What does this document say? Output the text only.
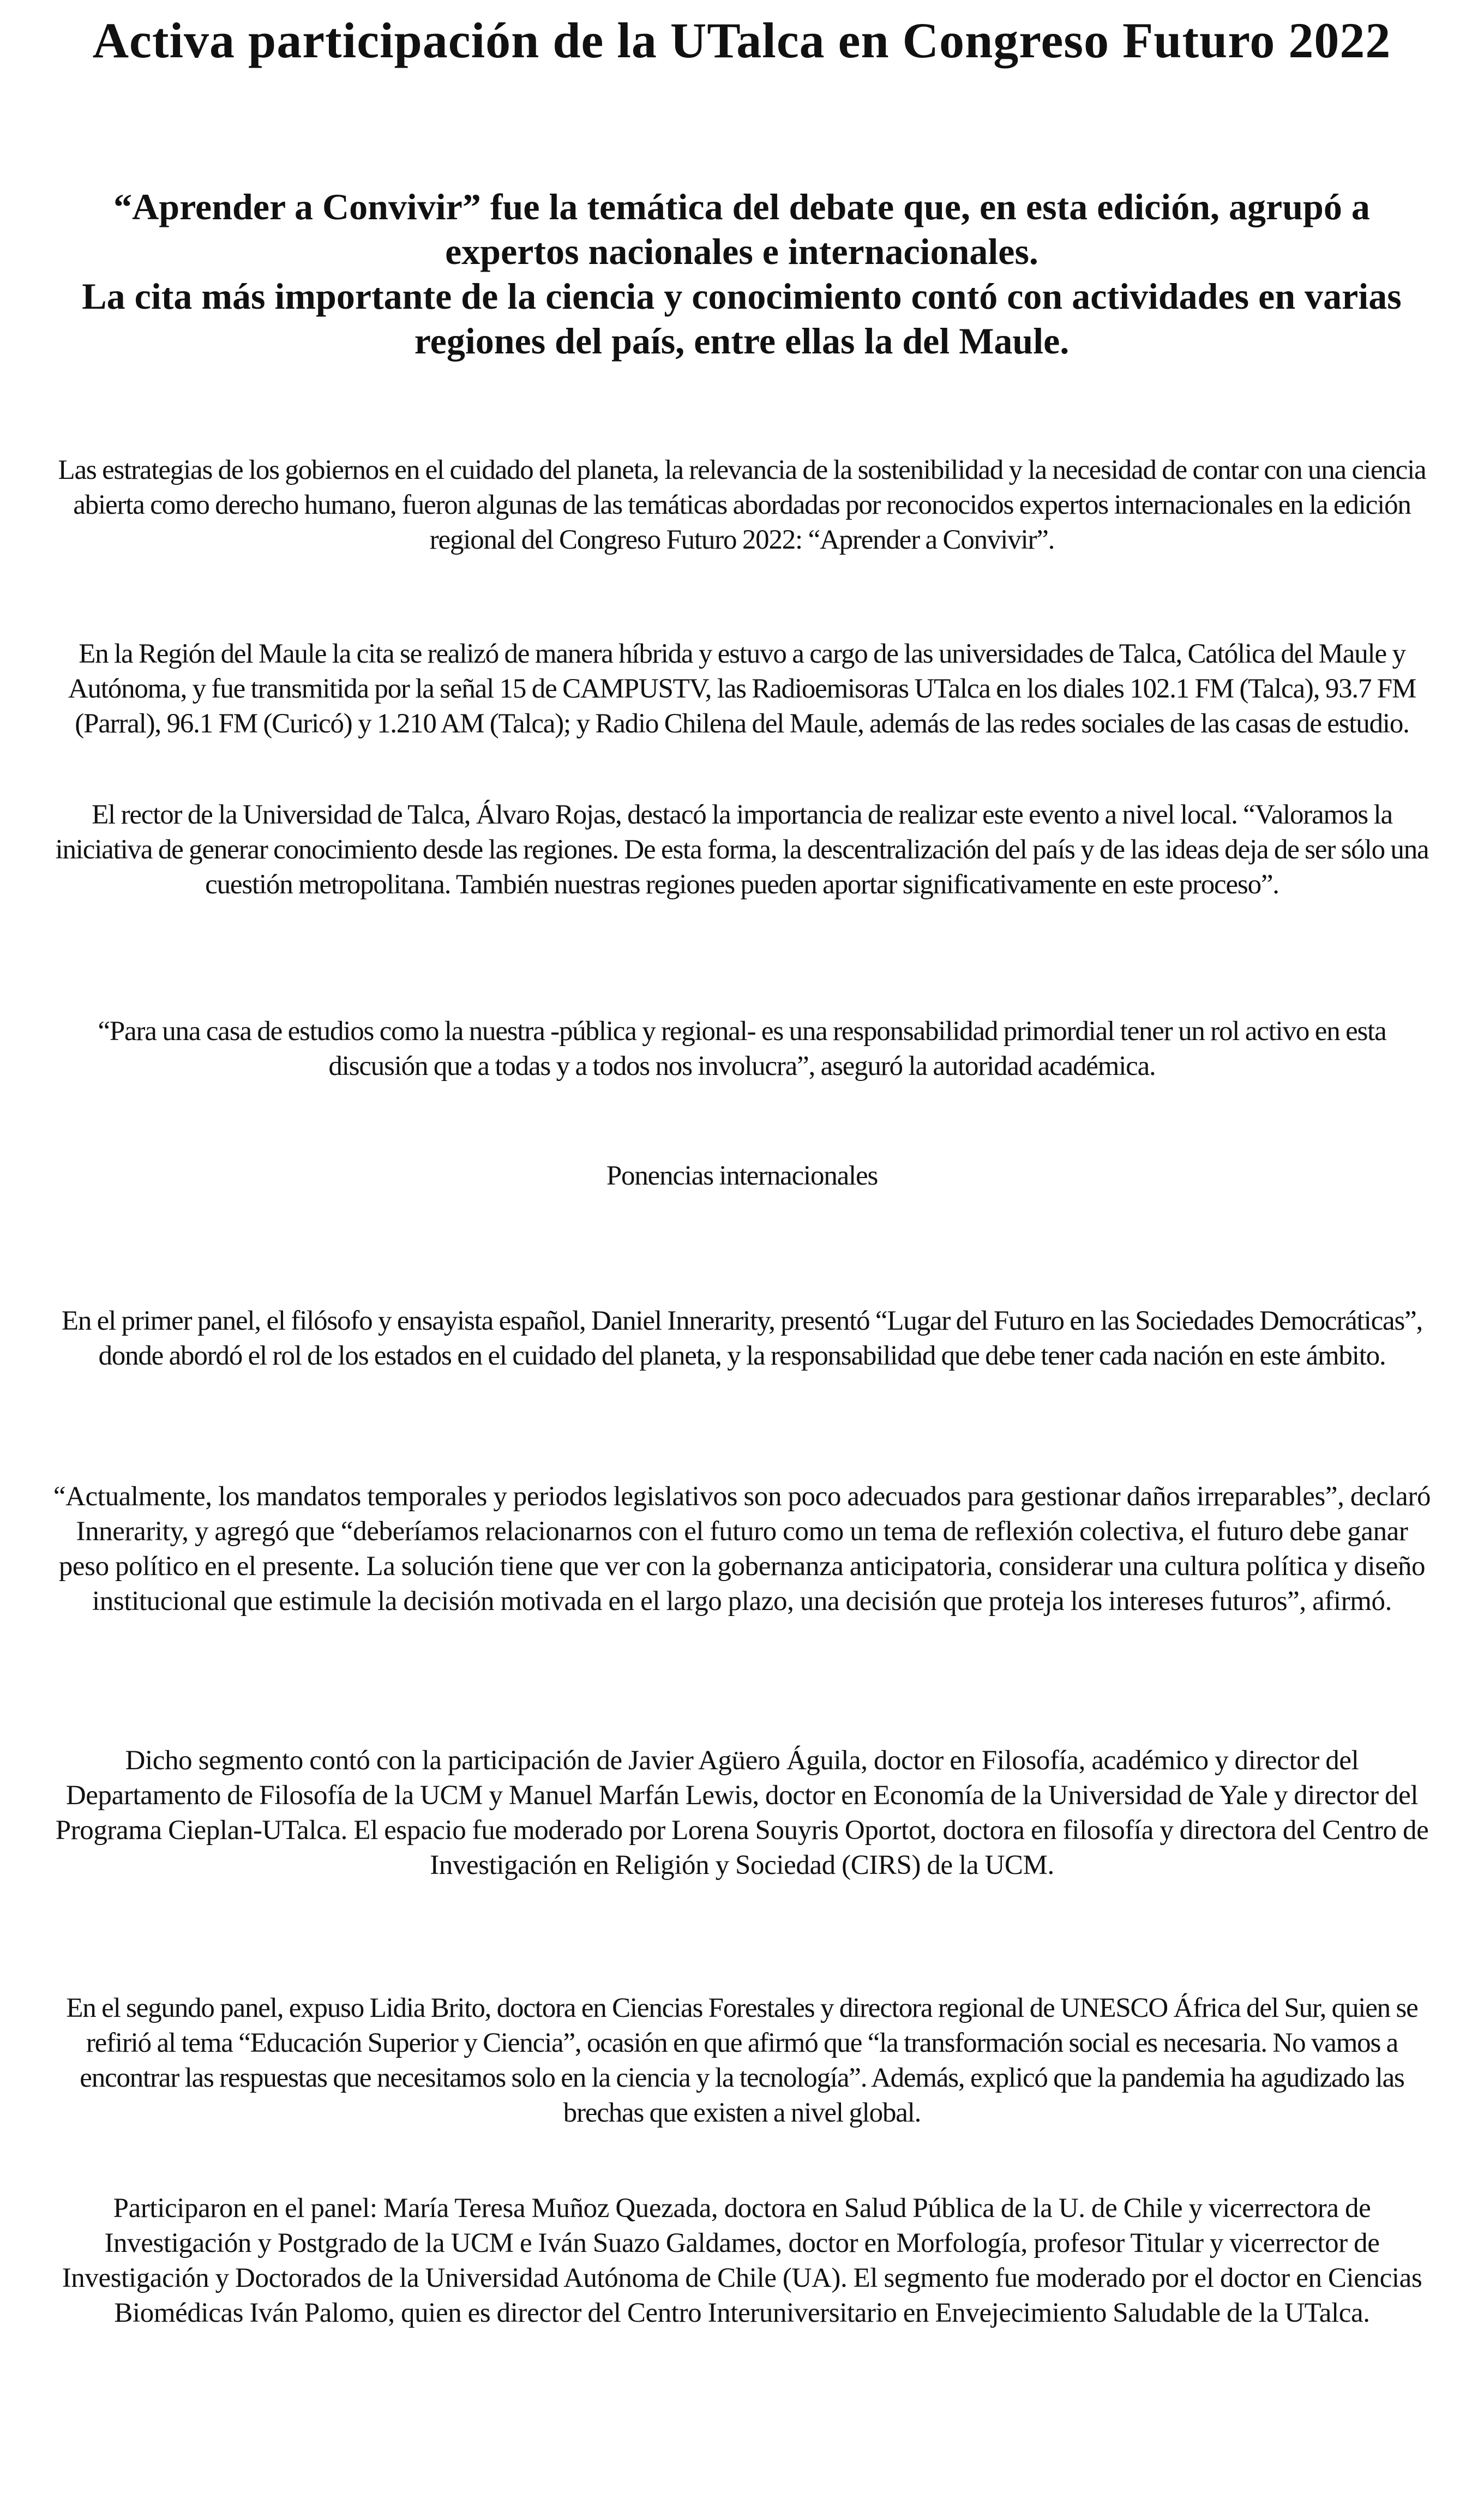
Activa participación de la UTalca en Congreso Futuro 2022

“Aprender a Convivir” fue la temática del debate que, en esta edición, agrupó a expertos nacionales e internacionales.

La cita más importante de la ciencia y conocimiento contó con actividades en varias regiones del país, entre ellas la del Maule.

Las estrategias de los gobiernos en el cuidado del planeta, la relevancia de la sostenibilidad y la necesidad de contar con una ciencia abierta como derecho humano, fueron algunas de las temáticas abordadas por reconocidos expertos internacionales en la edición regional del Congreso Futuro 2022: “Aprender a Convivir”.

En la Región del Maule la cita se realizó de manera híbrida y estuvo a cargo de las universidades de Talca, Católica del Maule y Autónoma, y fue transmitida por la señal 15 de CAMPUSTV, las Radioemisoras UTalca en los diales 102.1 FM (Talca), 93.7 FM (Parral), 96.1 FM (Curicó) y 1.210 AM (Talca); y Radio Chilena del Maule, además de las redes sociales de las casas de estudio.

El rector de la Universidad de Talca, Álvaro Rojas, destacó la importancia de realizar este evento a nivel local. “Valoramos la iniciativa de generar conocimiento desde las regiones. De esta forma, la descentralización del país y de las ideas deja de ser sólo una cuestión metropolitana. También nuestras regiones pueden aportar significativamente en este proceso”.

“Para una casa de estudios como la nuestra -pública y regional- es una responsabilidad primordial tener un rol activo en esta discusión que a todas y a todos nos involucra”, aseguró la autoridad académica.

Ponencias internacionales

En el primer panel, el filósofo y ensayista español, Daniel Innerarity, presentó “Lugar del Futuro en las Sociedades Democráticas”, donde abordó el rol de los estados en el cuidado del planeta, y la responsabilidad que debe tener cada nación en este ámbito.

“Actualmente, los mandatos temporales y periodos legislativos son poco adecuados para gestionar daños irreparables”, declaró Innerarity, y agregó que “deberíamos relacionarnos con el futuro como un tema de reflexión colectiva, el futuro debe ganar peso político en el presente. La solución tiene que ver con la gobernanza anticipatoria, considerar una cultura política y diseño institucional que estimule la decisión motivada en el largo plazo, una decisión que proteja los intereses futuros”, afirmó.

Dicho segmento contó con la participación de Javier Agüero Águila, doctor en Filosofía, académico y director del Departamento de Filosofía de la UCM y Manuel Marfán Lewis, doctor en Economía de la Universidad de Yale y director del Programa Cieplan-UTalca. El espacio fue moderado por Lorena Souyris Oportot, doctora en filosofía y directora del Centro de Investigación en Religión y Sociedad (CIRS) de la UCM.

En el segundo panel, expuso Lidia Brito, doctora en Ciencias Forestales y directora regional de UNESCO África del Sur, quien se refirió al tema “Educación Superior y Ciencia”, ocasión en que afirmó que “la transformación social es necesaria. No vamos a encontrar las respuestas que necesitamos solo en la ciencia y la tecnología”. Además, explicó que la pandemia ha agudizado las brechas que existen a nivel global.

Participaron en el panel: María Teresa Muñoz Quezada, doctora en Salud Pública de la U. de Chile y vicerrectora de Investigación y Postgrado de la UCM e Iván Suazo Galdames, doctor en Morfología, profesor Titular y vicerrector de Investigación y Doctorados de la Universidad Autónoma de Chile (UA). El segmento fue moderado por el doctor en Ciencias Biomédicas Iván Palomo, quien es director del Centro Interuniversitario en Envejecimiento Saludable de la UTalca.
